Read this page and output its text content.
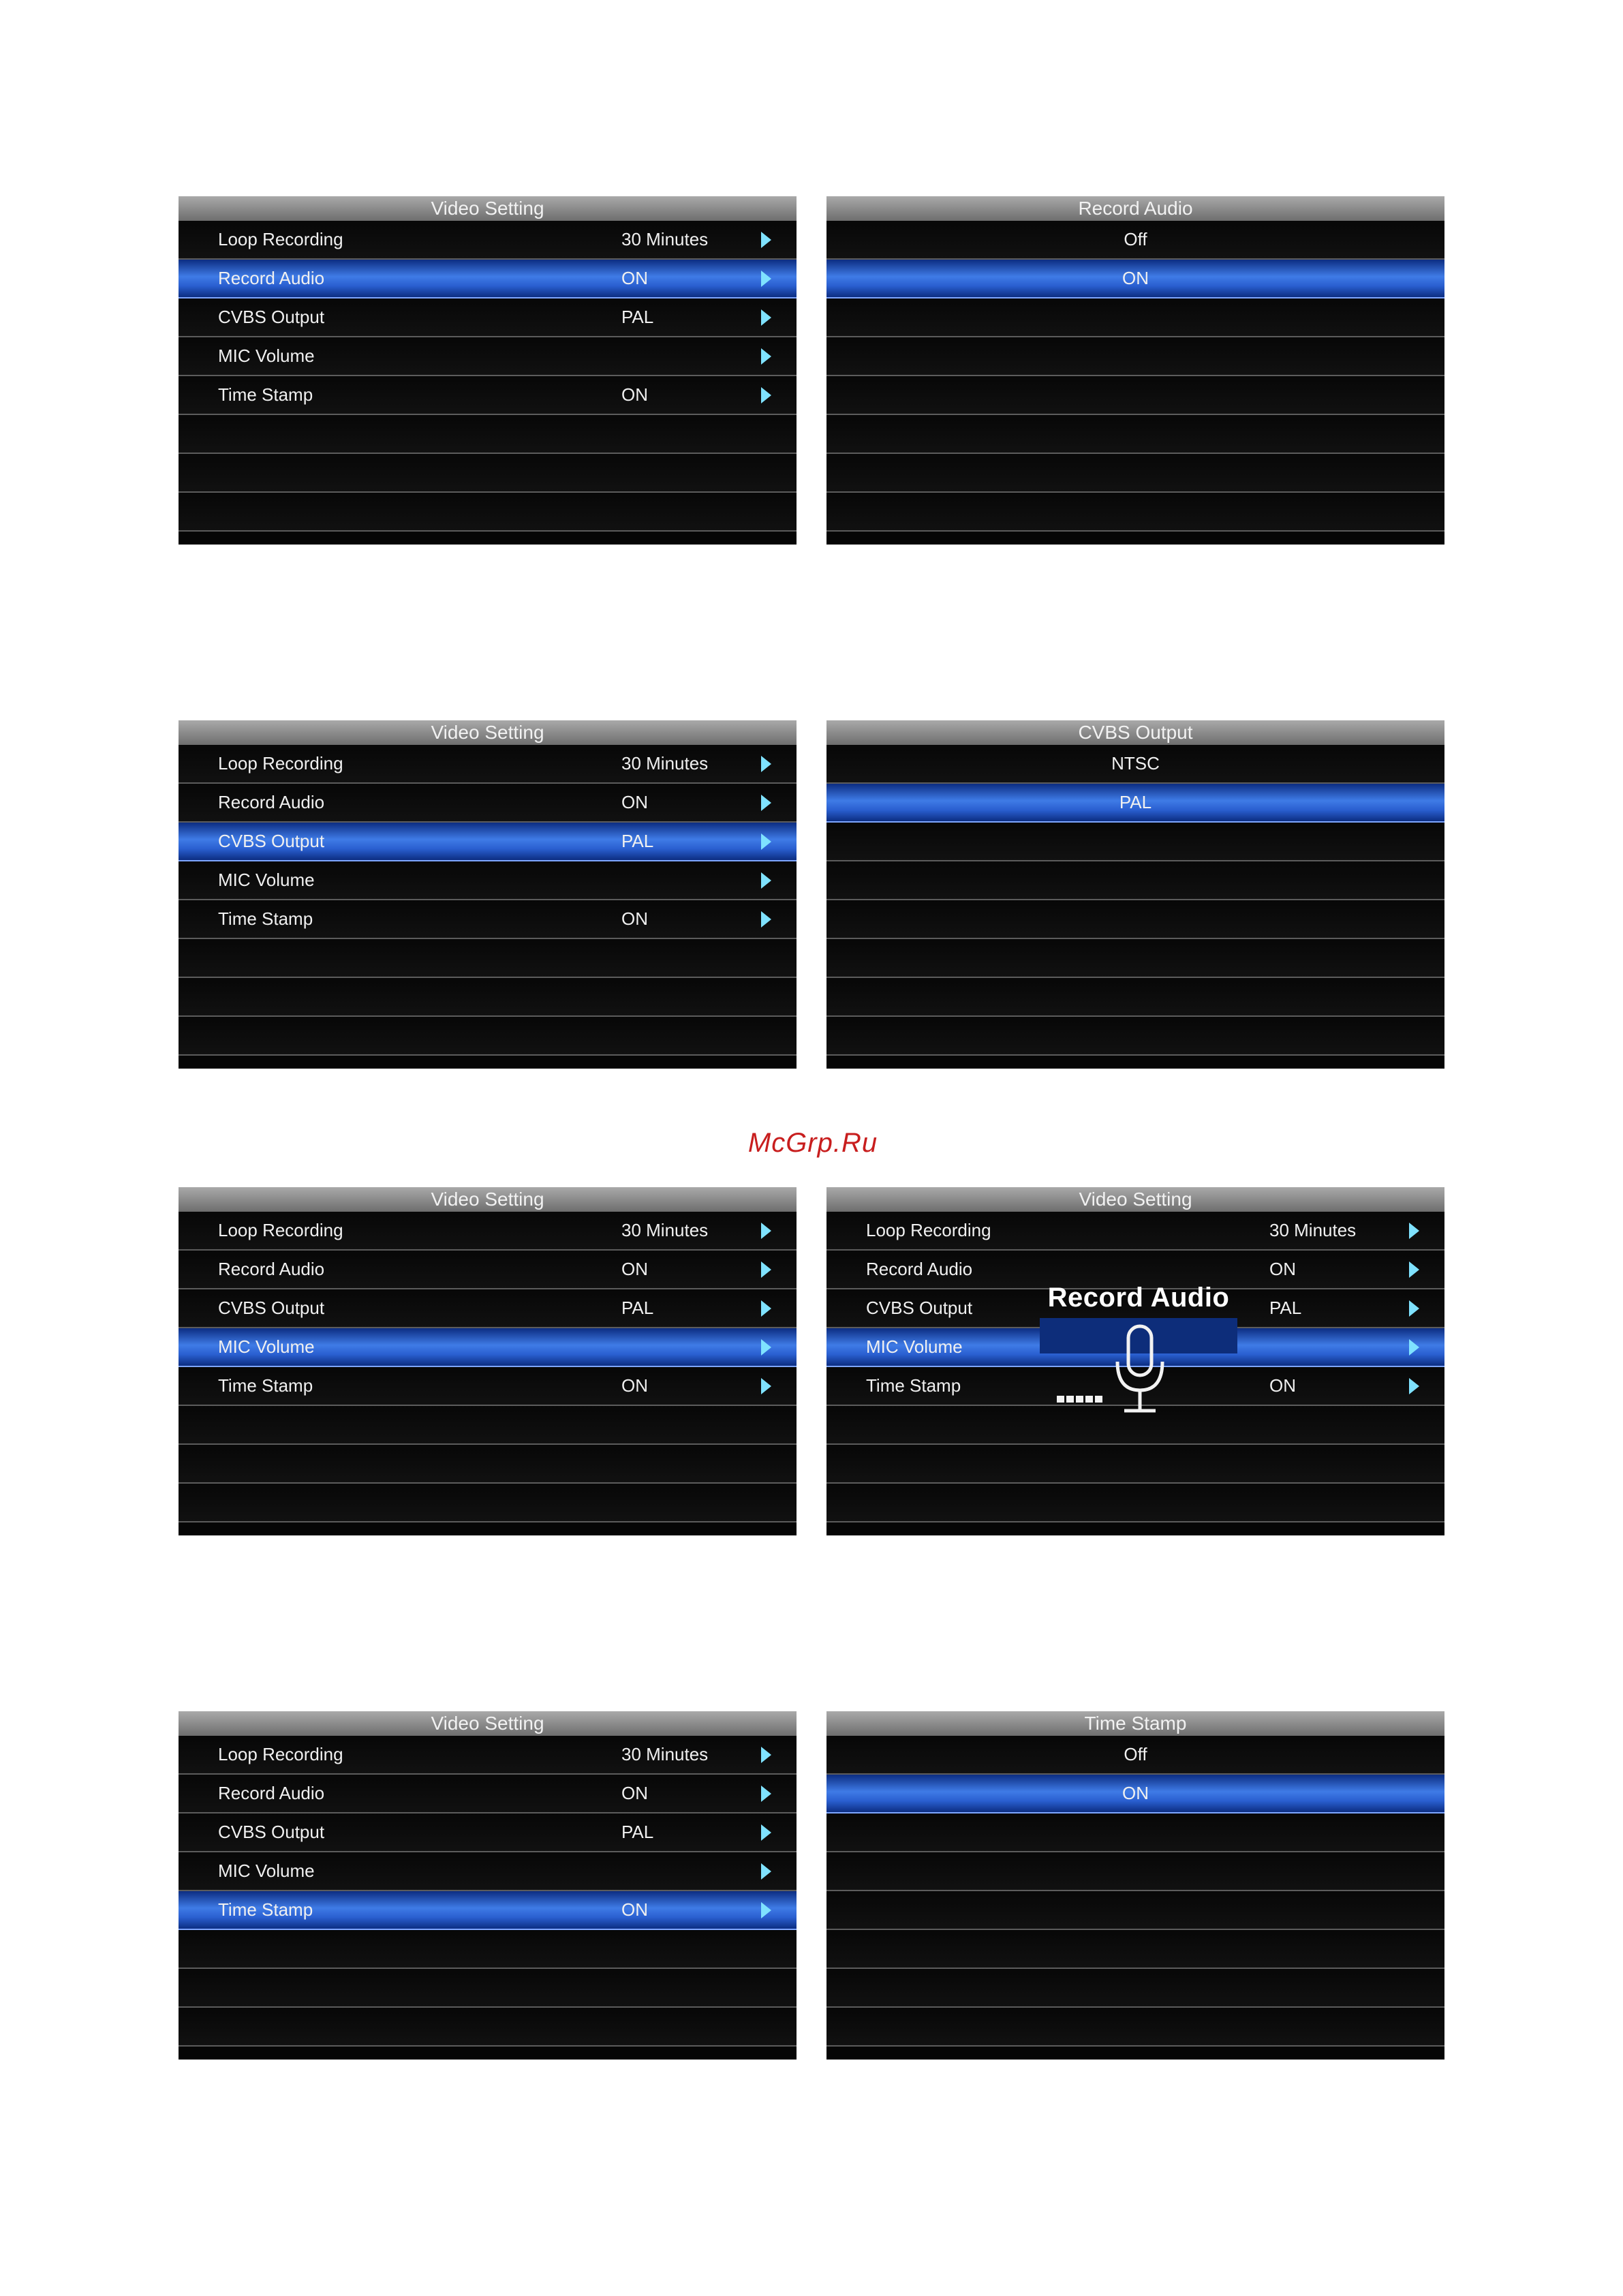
Video Setting
Loop Recording	30 Minutes
Record Audio	ON
CVBS Output	PAL
MIC Volume
Time Stamp	ON
Record Audio
Off
ON
Video Setting
Loop Recording	30 Minutes
Record Audio	ON
CVBS Output	PAL
MIC Volume
Time Stamp	ON
CVBS Output
NTSC
PAL
McGrp.Ru
Video Setting
Loop Recording	30 Minutes
Record Audio	ON
CVBS Output	PAL
MIC Volume
Time Stamp	ON
Video Setting
Loop Recording	30 Minutes
Record Audio	ON
CVBS Output	PAL
MIC Volume
Time Stamp	ON
Record Audio
Video Setting
Loop Recording	30 Minutes
Record Audio	ON
CVBS Output	PAL
MIC Volume
Time Stamp	ON
Time Stamp
Off
ON
